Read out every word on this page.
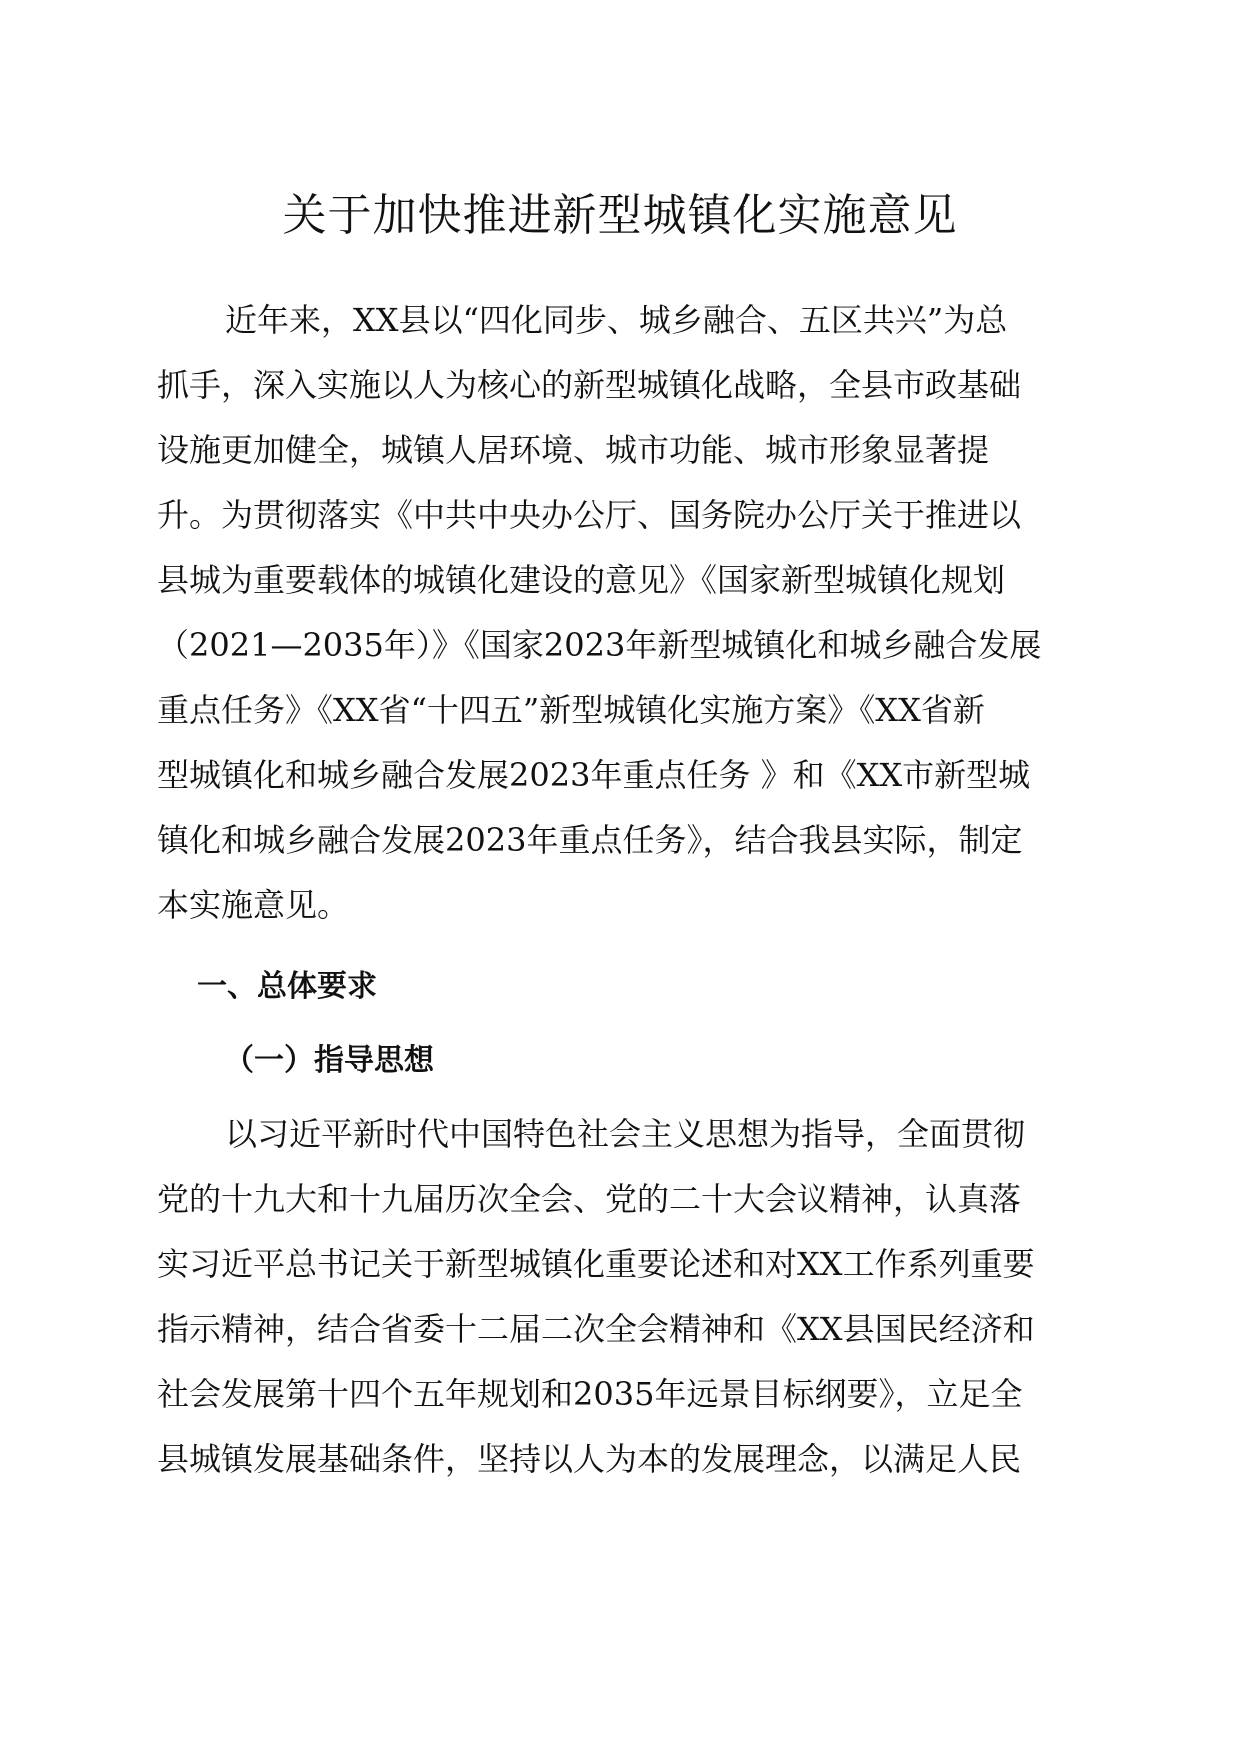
关于加快推进新型城镇化实施意见
近年来，XX县以“四化同步、城乡融合、五区共兴”为总
抓手，深入实施以人为核心的新型城镇化战略，全县市政基础
设施更加健全，城镇人居环境、城市功能、城市形象显著提
升。为贯彻落实《中共中央办公厅、国务院办公厅关于推进以
县城为重要载体的城镇化建设的意见》《国家新型城镇化规划
（2021—2035年）》《国家2023年新型城镇化和城乡融合发展
重点任务》《XX省“十四五”新型城镇化实施方案》《XX省新
型城镇化和城乡融合发展2023年重点任务 》和《XX市新型城
镇化和城乡融合发展2023年重点任务》，结合我县实际，制定
本实施意见。
一、总体要求
（一）指导思想
以习近平新时代中国特色社会主义思想为指导，全面贯彻
党的十九大和十九届历次全会、党的二十大会议精神，认真落
实习近平总书记关于新型城镇化重要论述和对XX工作系列重要
指示精神，结合省委十二届二次全会精神和《XX县国民经济和
社会发展第十四个五年规划和2035年远景目标纲要》，立足全
县城镇发展基础条件，坚持以人为本的发展理念，以满足人民
